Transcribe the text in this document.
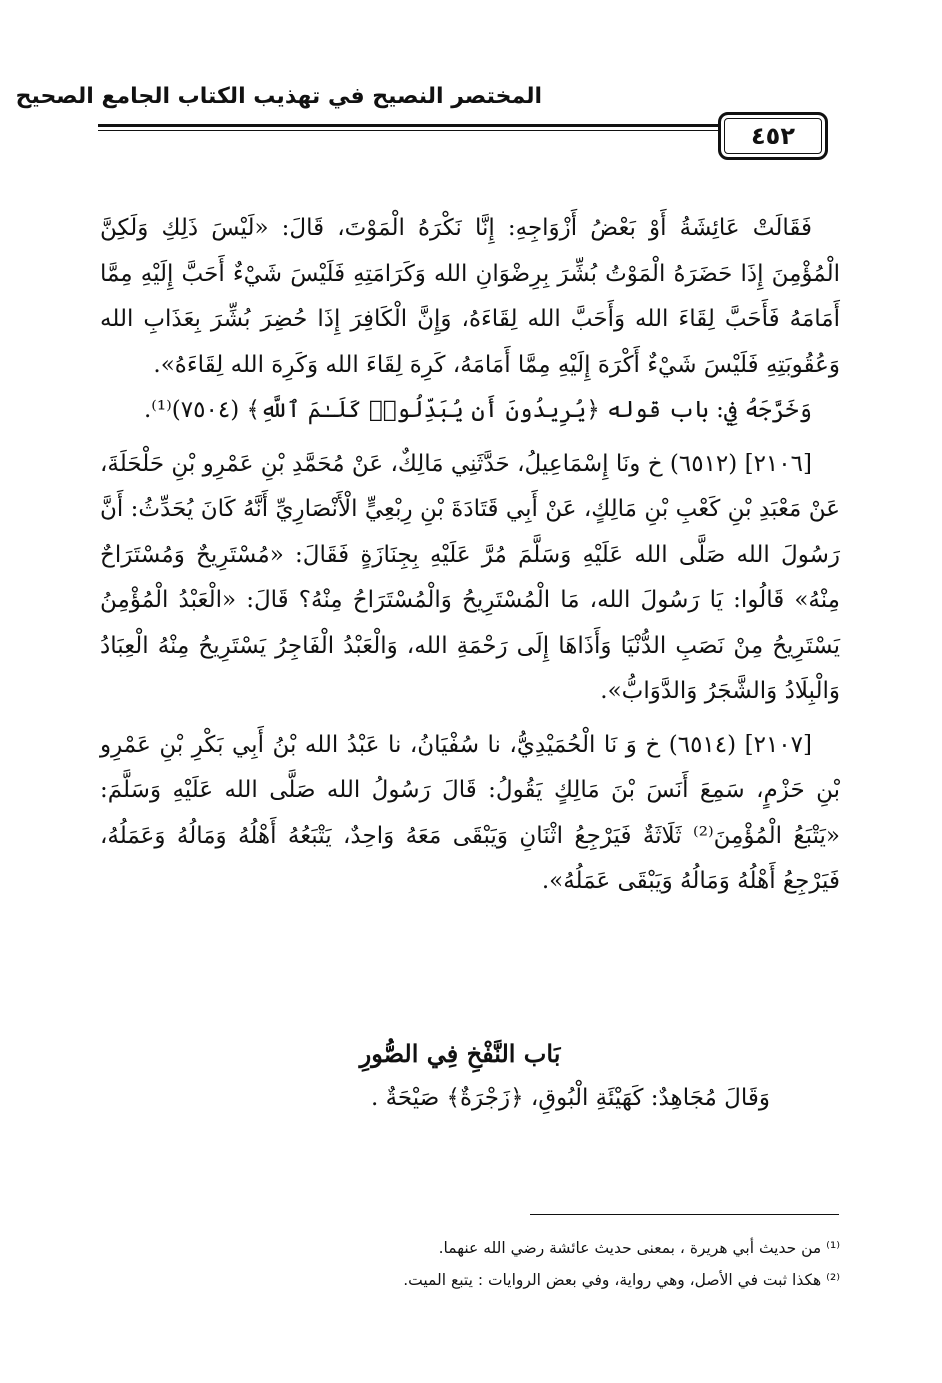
المختصر النصيح في تهذيب الكتاب الجامع الصحيح
٤٥٢

فَقَالَتْ عَائِشَةُ أَوْ بَعْضُ أَزْوَاجِهِ: إِنَّا نَكْرَهُ الْمَوْتَ، قَالَ: «لَيْسَ ذَلِكِ وَلَكِنَّ الْمُؤْمِنَ إِذَا حَضَرَهُ الْمَوْتُ بُشِّرَ بِرِضْوَانِ الله وَكَرَامَتِهِ فَلَيْسَ شَيْءٌ أَحَبَّ إِلَيْهِ مِمَّا أَمَامَهُ فَأَحَبَّ لِقَاءَ الله وَأَحَبَّ الله لِقَاءَهُ، وَإِنَّ الْكَافِرَ إِذَا حُضِرَ بُشِّرَ بِعَذَابِ الله وَعُقُوبَتِهِ فَلَيْسَ شَيْءٌ أَكْرَهَ إِلَيْهِ مِمَّا أَمَامَهُ، كَرِهَ لِقَاءَ الله وَكَرِهَ الله لِقَاءَهُ».

وَخَرَّجَهُ فِي: باب قوله ﴿يُرِيدُونَ أَن يُبَدِّلُوا۟ كَلَـٰمَ ٱللَّهِ﴾ (٧٥٠٤)⁽¹⁾.

[٢١٠٦] (٦٥١٢) خ ونَا إِسْمَاعِيلُ، حَدَّثَنِي مَالِكٌ، عَنْ مُحَمَّدِ بْنِ عَمْرِو بْنِ حَلْحَلَةَ، عَنْ مَعْبَدِ بْنِ كَعْبِ بْنِ مَالِكٍ، عَنْ أَبِي قَتَادَةَ بْنِ رِبْعِيٍّ الْأَنْصَارِيِّ أَنَّهُ كَانَ يُحَدِّثُ: أَنَّ رَسُولَ الله صَلَّى الله عَلَيْهِ وَسَلَّمَ مُرَّ عَلَيْهِ بِجِنَازَةٍ فَقَالَ: «مُسْتَرِيحٌ وَمُسْتَرَاحٌ مِنْهُ» قَالُوا: يَا رَسُولَ الله، مَا الْمُسْتَرِيحُ وَالْمُسْتَرَاحُ مِنْهُ؟ قَالَ: «الْعَبْدُ الْمُؤْمِنُ يَسْتَرِيحُ مِنْ نَصَبِ الدُّنْيَا وَأَذَاهَا إِلَى رَحْمَةِ الله، وَالْعَبْدُ الْفَاجِرُ يَسْتَرِيحُ مِنْهُ الْعِبَادُ وَالْبِلَادُ وَالشَّجَرُ وَالدَّوَابُّ».

[٢١٠٧] (٦٥١٤) خ وَ نَا الْحُمَيْدِيُّ، نا سُفْيَانُ، نا عَبْدُ الله بْنُ أَبِي بَكْرِ بْنِ عَمْرِو بْنِ حَزْمٍ، سَمِعَ أَنَسَ بْنَ مَالِكٍ يَقُولُ: قَالَ رَسُولُ الله صَلَّى الله عَلَيْهِ وَسَلَّمَ: «يَتْبَعُ الْمُؤْمِنَ⁽²⁾ ثَلَاثَةٌ فَيَرْجِعُ اثْنَانِ وَيَبْقَى مَعَهُ وَاحِدٌ، يَتْبَعُهُ أَهْلُهُ وَمَالُهُ وَعَمَلُهُ، فَيَرْجِعُ أَهْلُهُ وَمَالُهُ وَيَبْقَى عَمَلُهُ».

بَاب النَّفْخِ فِي الصُّورِ
وَقَالَ مُجَاهِدٌ: كَهَيْئَةِ الْبُوقِ، ﴿زَجْرَةٌ﴾ صَيْحَةٌ .

⁽¹⁾ من حديث أبي هريرة ، بمعنى حديث عائشة رضي الله عنهما.

⁽²⁾ هكذا ثبت في الأصل، وهي رواية، وفي بعض الروايات : يتبع الميت.
